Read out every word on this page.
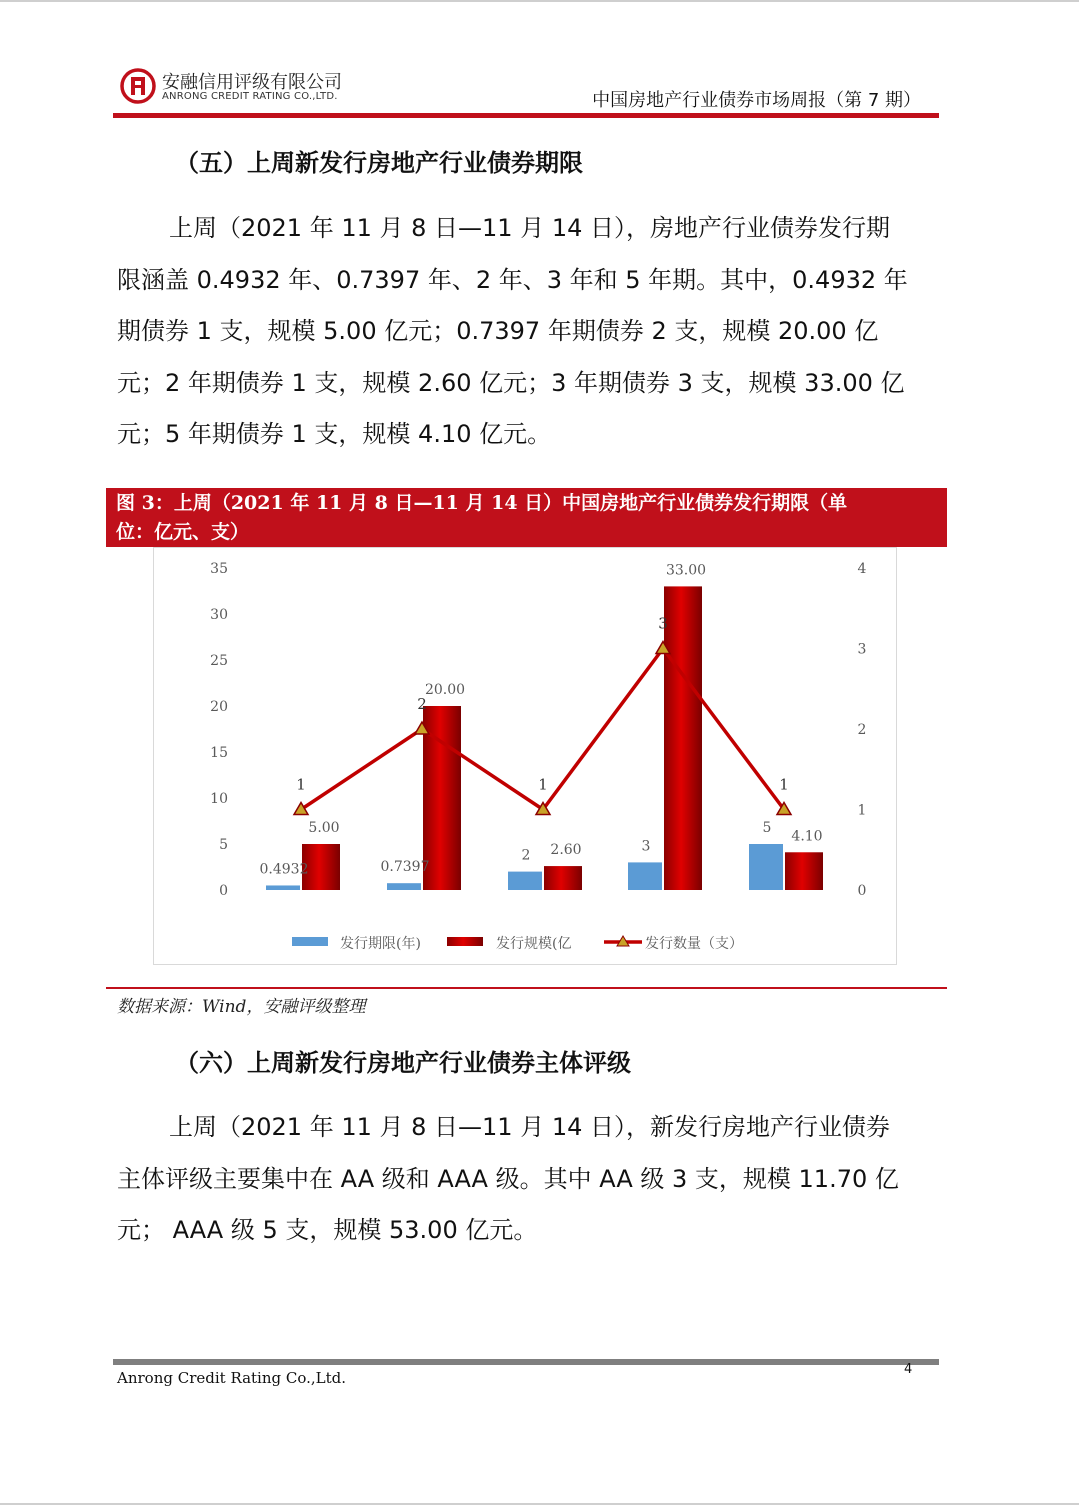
安融信用评级有限公司
ANRONG CREDIT RATING CO.,LTD.	中国房地产行业债券市场周报（第 7 期）
（五）上周新发行房地产行业债券期限
上周（2021 年 11 月 8 日—11 月 14 日），房地产行业债券发行期
限涵盖 0.4932 年、0.7397 年、2 年、3 年和 5 年期。其中，0.4932 年
期债券 1 支，规模 5.00 亿元；0.7397 年期债券 2 支，规模 20.00 亿
元；2 年期债券 1 支，规模 2.60 亿元；3 年期债券 3 支，规模 33.00 亿
元；5 年期债券 1 支，规模 4.10 亿元。
图 3：上周（2021 年 11 月 8 日—11 月 14 日）中国房地产行业债券发行期限（单
位：亿元、支）
0
5
10
15
20
25
30
35
0
1
2
3
4
0.4932	0.7397
2
3
5
5.00
20.00
2.60
33.00
4.10
1
2
1
3
1
发行期限(年)	发行规模(亿	发行数量（支）
数据来源：Wind，安融评级整理
（六）上周新发行房地产行业债券主体评级
上周（2021 年 11 月 8 日—11 月 14 日），新发行房地产行业债券
主体评级主要集中在 AA 级和 AAA 级。其中 AA 级 3 支，规模 11.70 亿
元； AAA 级 5 支，规模 53.00 亿元。
Anrong Credit Rating Co.,Ltd.	4
